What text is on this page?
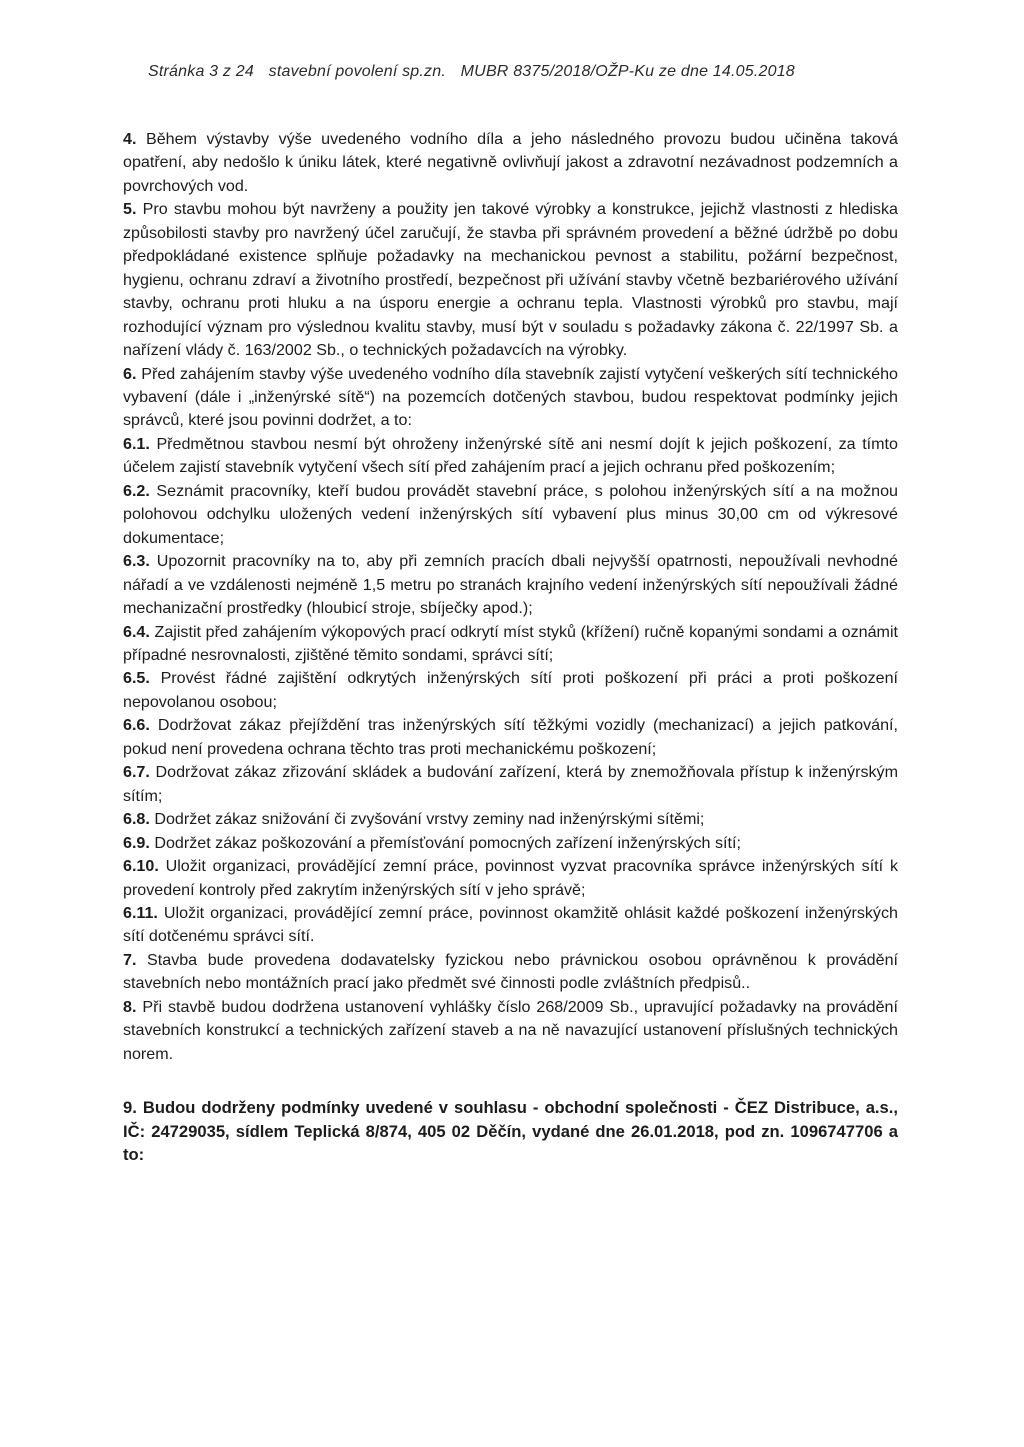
Stránka 3 z 24 stavební povolení sp.zn. MUBR 8375/2018/OŽP-Ku ze dne 14.05.2018

4. Během výstavby výše uvedeného vodního díla a jeho následného provozu budou učiněna taková opatření, aby nedošlo k úniku látek, které negativně ovlivňují jakost a zdravotní nezávadnost podzemních a povrchových vod.

5. Pro stavbu mohou být navrženy a použity jen takové výrobky a konstrukce, jejichž vlastnosti z hlediska způsobilosti stavby pro navržený účel zaručují, že stavba při správném provedení a běžné údržbě po dobu předpokládané existence splňuje požadavky na mechanickou pevnost a stabilitu, požární bezpečnost, hygienu, ochranu zdraví a životního prostředí, bezpečnost při užívání stavby včetně bezbariérového užívání stavby, ochranu proti hluku a na úsporu energie a ochranu tepla. Vlastnosti výrobků pro stavbu, mají rozhodující význam pro výslednou kvalitu stavby, musí být v souladu s požadavky zákona č. 22/1997 Sb. a nařízení vlády č. 163/2002 Sb., o technických požadavcích na výrobky.

6. Před zahájením stavby výše uvedeného vodního díla stavebník zajistí vytyčení veškerých sítí technického vybavení (dále i „inženýrské sítě“) na pozemcích dotčených stavbou, budou respektovat podmínky jejich správců, které jsou povinni dodržet, a to:

6.1. Předmětnou stavbou nesmí být ohroženy inženýrské sítě ani nesmí dojít k jejich poškození, za tímto účelem zajistí stavebník vytyčení všech sítí před zahájením prací a jejich ochranu před poškozením;

6.2. Seznámit pracovníky, kteří budou provádět stavební práce, s polohou inženýrských sítí a na možnou polohovou odchylku uložených vedení inženýrských sítí vybavení plus minus 30,00 cm od výkresové dokumentace;

6.3. Upozornit pracovníky na to, aby při zemních pracích dbali nejvyšší opatrnosti, nepoužívali nevhodné nářadí a ve vzdálenosti nejméně 1,5 metru po stranách krajního vedení inženýrských sítí nepoužívali žádné mechanizační prostředky (hloubicí stroje, sbíječky apod.);

6.4. Zajistit před zahájením výkopových prací odkrytí míst styků (křížení) ručně kopanými sondami a oznámit případné nesrovnalosti, zjištěné těmito sondami, správci sítí;

6.5. Provést řádné zajištění odkrytých inženýrských sítí proti poškození při práci a proti poškození nepovolanou osobou;

6.6. Dodržovat zákaz přejíždění tras inženýrských sítí těžkými vozidly (mechanizací) a jejich patkování, pokud není provedena ochrana těchto tras proti mechanickému poškození;

6.7. Dodržovat zákaz zřizování skládek a budování zařízení, která by znemožňovala přístup k inženýrským sítím;

6.8. Dodržet zákaz snižování či zvyšování vrstvy zeminy nad inženýrskými sítěmi;

6.9. Dodržet zákaz poškozování a přemísťování pomocných zařízení inženýrských sítí;

6.10. Uložit organizaci, provádějící zemní práce, povinnost vyzvat pracovníka správce inženýrských sítí k provedení kontroly před zakrytím inženýrských sítí v jeho správě;

6.11. Uložit organizaci, provádějící zemní práce, povinnost okamžitě ohlásit každé poškození inženýrských sítí dotčenému správci sítí.

7. Stavba bude provedena dodavatelsky fyzickou nebo právnickou osobou oprávněnou k provádění stavebních nebo montážních prací jako předmět své činnosti podle zvláštních předpisů..

8. Při stavbě budou dodržena ustanovení vyhlášky číslo 268/2009 Sb., upravující požadavky na provádění stavebních konstrukcí a technických zařízení staveb a na ně navazující ustanovení příslušných technických norem.

9. Budou dodrženy podmínky uvedené v souhlasu - obchodní společnosti - ČEZ Distribuce, a.s., IČ: 24729035, sídlem Teplická 8/874, 405 02 Děčín, vydané dne 26.01.2018, pod zn. 1096747706 a to:
